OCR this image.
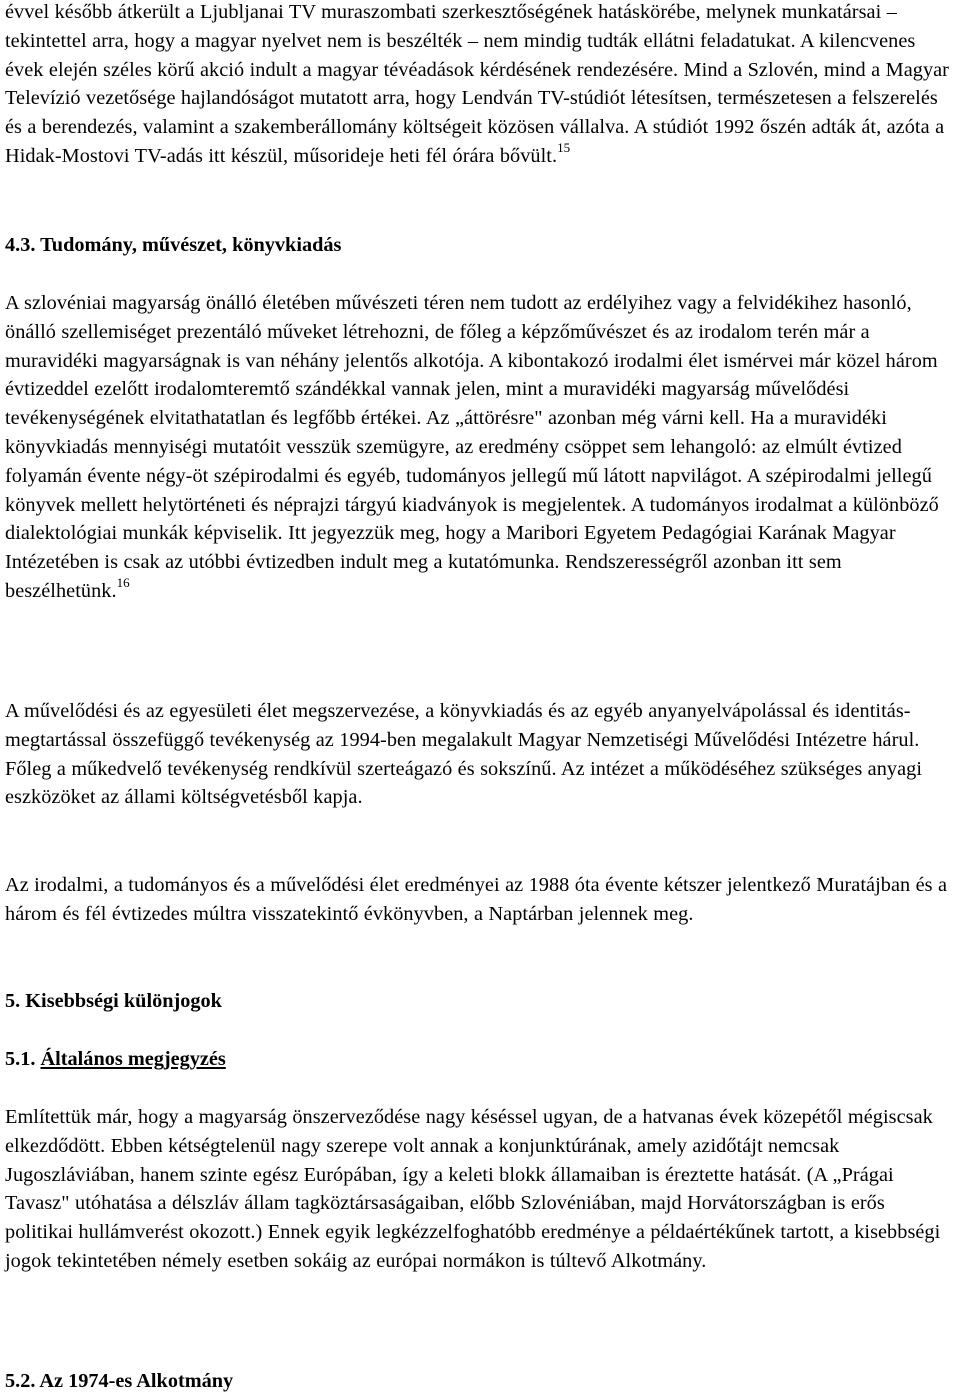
évvel később átkerült a Ljubljanai TV muraszombati szerkesztőségének hatáskörébe, melynek munkatársai – tekintettel arra, hogy a magyar nyelvet nem is beszélték – nem mindig tudták ellátni feladatukat. A kilencvenes évek elején széles körű akció indult a magyar tévéadások kérdésének rendezésére. Mind a Szlovén, mind a Magyar Televízió vezetősége hajlandóságot mutatott arra, hogy Lendván TV-stúdiót létesítsen, természetesen a felszerelés és a berendezés, valamint a szakemberállomány költségeit közösen vállalva. A stúdiót 1992 őszén adták át, azóta a Hidak-Mostovi TV-adás itt készül, műsorideje heti fél órára bővült.$^{15}$

4.3. Tudomány, művészet, könyvkiadás

A szlovéniai magyarság önálló életében művészeti téren nem tudott az erdélyihez vagy a felvidékihez hasonló, önálló szellemiséget prezentáló műveket létrehozni, de főleg a képzőművészet és az irodalom terén már a muravidéki magyarságnak is van néhány jelentős alkotója. A kibontakozó irodalmi élet ismérvei már közel három évtizeddel ezelőtt irodalomteremtő szándékkal vannak jelen, mint a muravidéki magyarság művelődési tevékenységének elvitathatatlan és legfőbb értékei. Az „áttörésre" azonban még várni kell. Ha a muravidéki könyvkiadás mennyiségi mutatóit vesszük szemügyre, az eredmény csöppet sem lehangoló: az elmúlt évtized folyamán évente négy-öt szépirodalmi és egyéb, tudományos jellegű mű látott napvilágot. A szépirodalmi jellegű könyvek mellett helytörténeti és néprajzi tárgyú kiadványok is megjelentek. A tudományos irodalmat a különböző dialektológiai munkák képviselik. Itt jegyezzük meg, hogy a Maribori Egyetem Pedagógiai Karának Magyar Intézetében is csak az utóbbi évtizedben indult meg a kutatómunka. Rendszerességről azonban itt sem beszélhetünk.$^{16}$

A művelődési és az egyesületi élet megszervezése, a könyvkiadás és az egyéb anyanyelvápolással és identitás-megtartással összefüggő tevékenység az 1994-ben megalakult Magyar Nemzetiségi Művelődési Intézetre hárul. Főleg a műkedvelő tevékenység rendkívül szerteágazó és sokszínű. Az intézet a működéséhez szükséges anyagi eszközöket az állami költségvetésből kapja.

Az irodalmi, a tudományos és a művelődési élet eredményei az 1988 óta évente kétszer jelentkező Muratájban és a három és fél évtizedes múltra visszatekintő évkönyvben, a Naptárban jelennek meg.

5. Kisebbségi különjogok
5.1. Általános megjegyzés

Említettük már, hogy a magyarság önszerveződése nagy késéssel ugyan, de a hatvanas évek közepétől mégiscsak elkezdődött. Ebben kétségtelenül nagy szerepe volt annak a konjunktúrának, amely azidőtájt nemcsak Jugoszláviában, hanem szinte egész Európában, így a keleti blokk államaiban is éreztette hatását. (A „Prágai Tavasz" utóhatása a délszláv állam tagköztársaságaiban, előbb Szlovéniában, majd Horvátországban is erős politikai hullámverést okozott.) Ennek egyik legkézzelfoghatóbb eredménye a példaértékűnek tartott, a kisebbségi jogok tekintetében némely esetben sokáig az európai normákon is túltevő Alkotmány.

5.2. Az 1974-es Alkotmány
